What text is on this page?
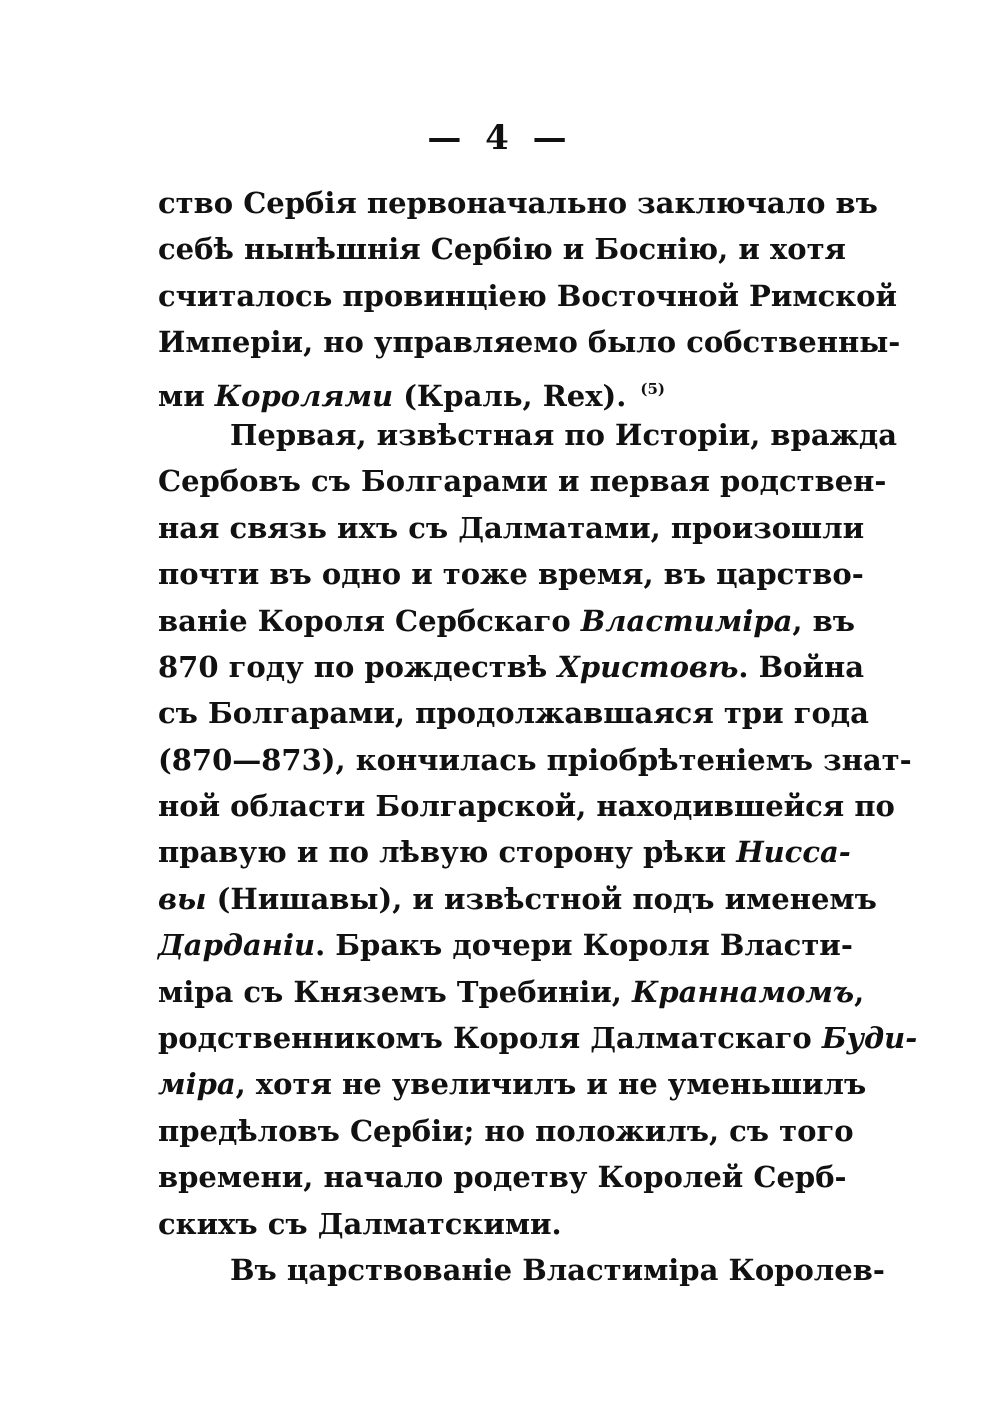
— 4 —
ство Сербія первоначально заключало въ
себѣ нынѣшнія Сербію и Боснію, и хотя
считалось провинціею Восточной Римской
Имперіи, но управляемо было собственны-
ми Королями (Краль, Rex). $^{(5)}$
Первая, извѣстная по Исторіи, вражда
Сербовъ съ Болгарами и первая родствен-
ная связь ихъ съ Далматами, произошли
почти въ одно и тоже время, въ царство-
ваніе Короля Сербскаго Властиміра, въ
870 году по рождествѣ Христовѣ. Война
съ Болгарами, продолжавшаяся три года
(870—873), кончилась пріобрѣтеніемъ знат-
ной области Болгарской, находившейся по
правую и по лѣвую сторону рѣки Нисса-
вы (Нишавы), и извѣстной подъ именемъ
Дарданіи. Бракъ дочери Короля Власти-
міра съ Княземъ Требиніи, Краннамомъ,
родственникомъ Короля Далматскаго Буди-
міра, хотя не увеличилъ и не уменьшилъ
предѣловъ Сербіи; но положилъ, съ того
времени, начало родетву Королей Серб-
скихъ съ Далматскими.
Въ царствованіе Властиміра Королев-
